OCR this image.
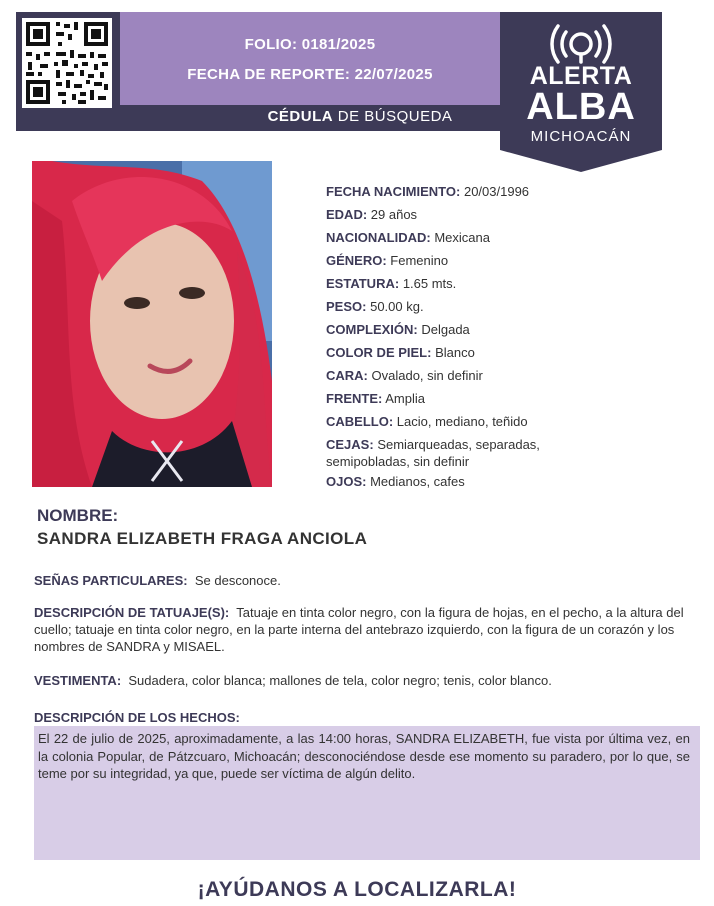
FOLIO: 0181/2025
FECHA DE REPORTE: 22/07/2025
CÉDULA DE BÚSQUEDA
ALERTA
ALBA
MICHOACÁN
FECHA NACIMIENTO: 20/03/1996
EDAD: 29 años
NACIONALIDAD: Mexicana
GÉNERO: Femenino
ESTATURA: 1.65 mts.
PESO: 50.00 kg.
COMPLEXIÓN: Delgada
COLOR DE PIEL: Blanco
CARA: Ovalado, sin definir
FRENTE: Amplia
CABELLO: Lacio, mediano, teñido
CEJAS: Semiarqueadas, separadas, semipobladas, sin definir
OJOS: Medianos, cafes
NOMBRE:
SANDRA ELIZABETH FRAGA ANCIOLA
SEÑAS PARTICULARES: Se desconoce.
DESCRIPCIÓN DE TATUAJE(S): Tatuaje en tinta color negro, con la figura de hojas, en el pecho, a la altura del cuello; tatuaje en tinta color negro, en la parte interna del antebrazo izquierdo, con la figura de un corazón y los nombres de SANDRA y MISAEL.
VESTIMENTA: Sudadera, color blanca; mallones de tela, color negro; tenis, color blanco.
DESCRIPCIÓN DE LOS HECHOS:
El 22 de julio de 2025, aproximadamente, a las 14:00 horas, SANDRA ELIZABETH, fue vista por última vez, en la colonia Popular, de Pátzcuaro, Michoacán; desconociéndose desde ese momento su paradero, por lo que, se teme por su integridad, ya que, puede ser víctima de algún delito.
¡AYÚDANOS A LOCALIZARLA!
